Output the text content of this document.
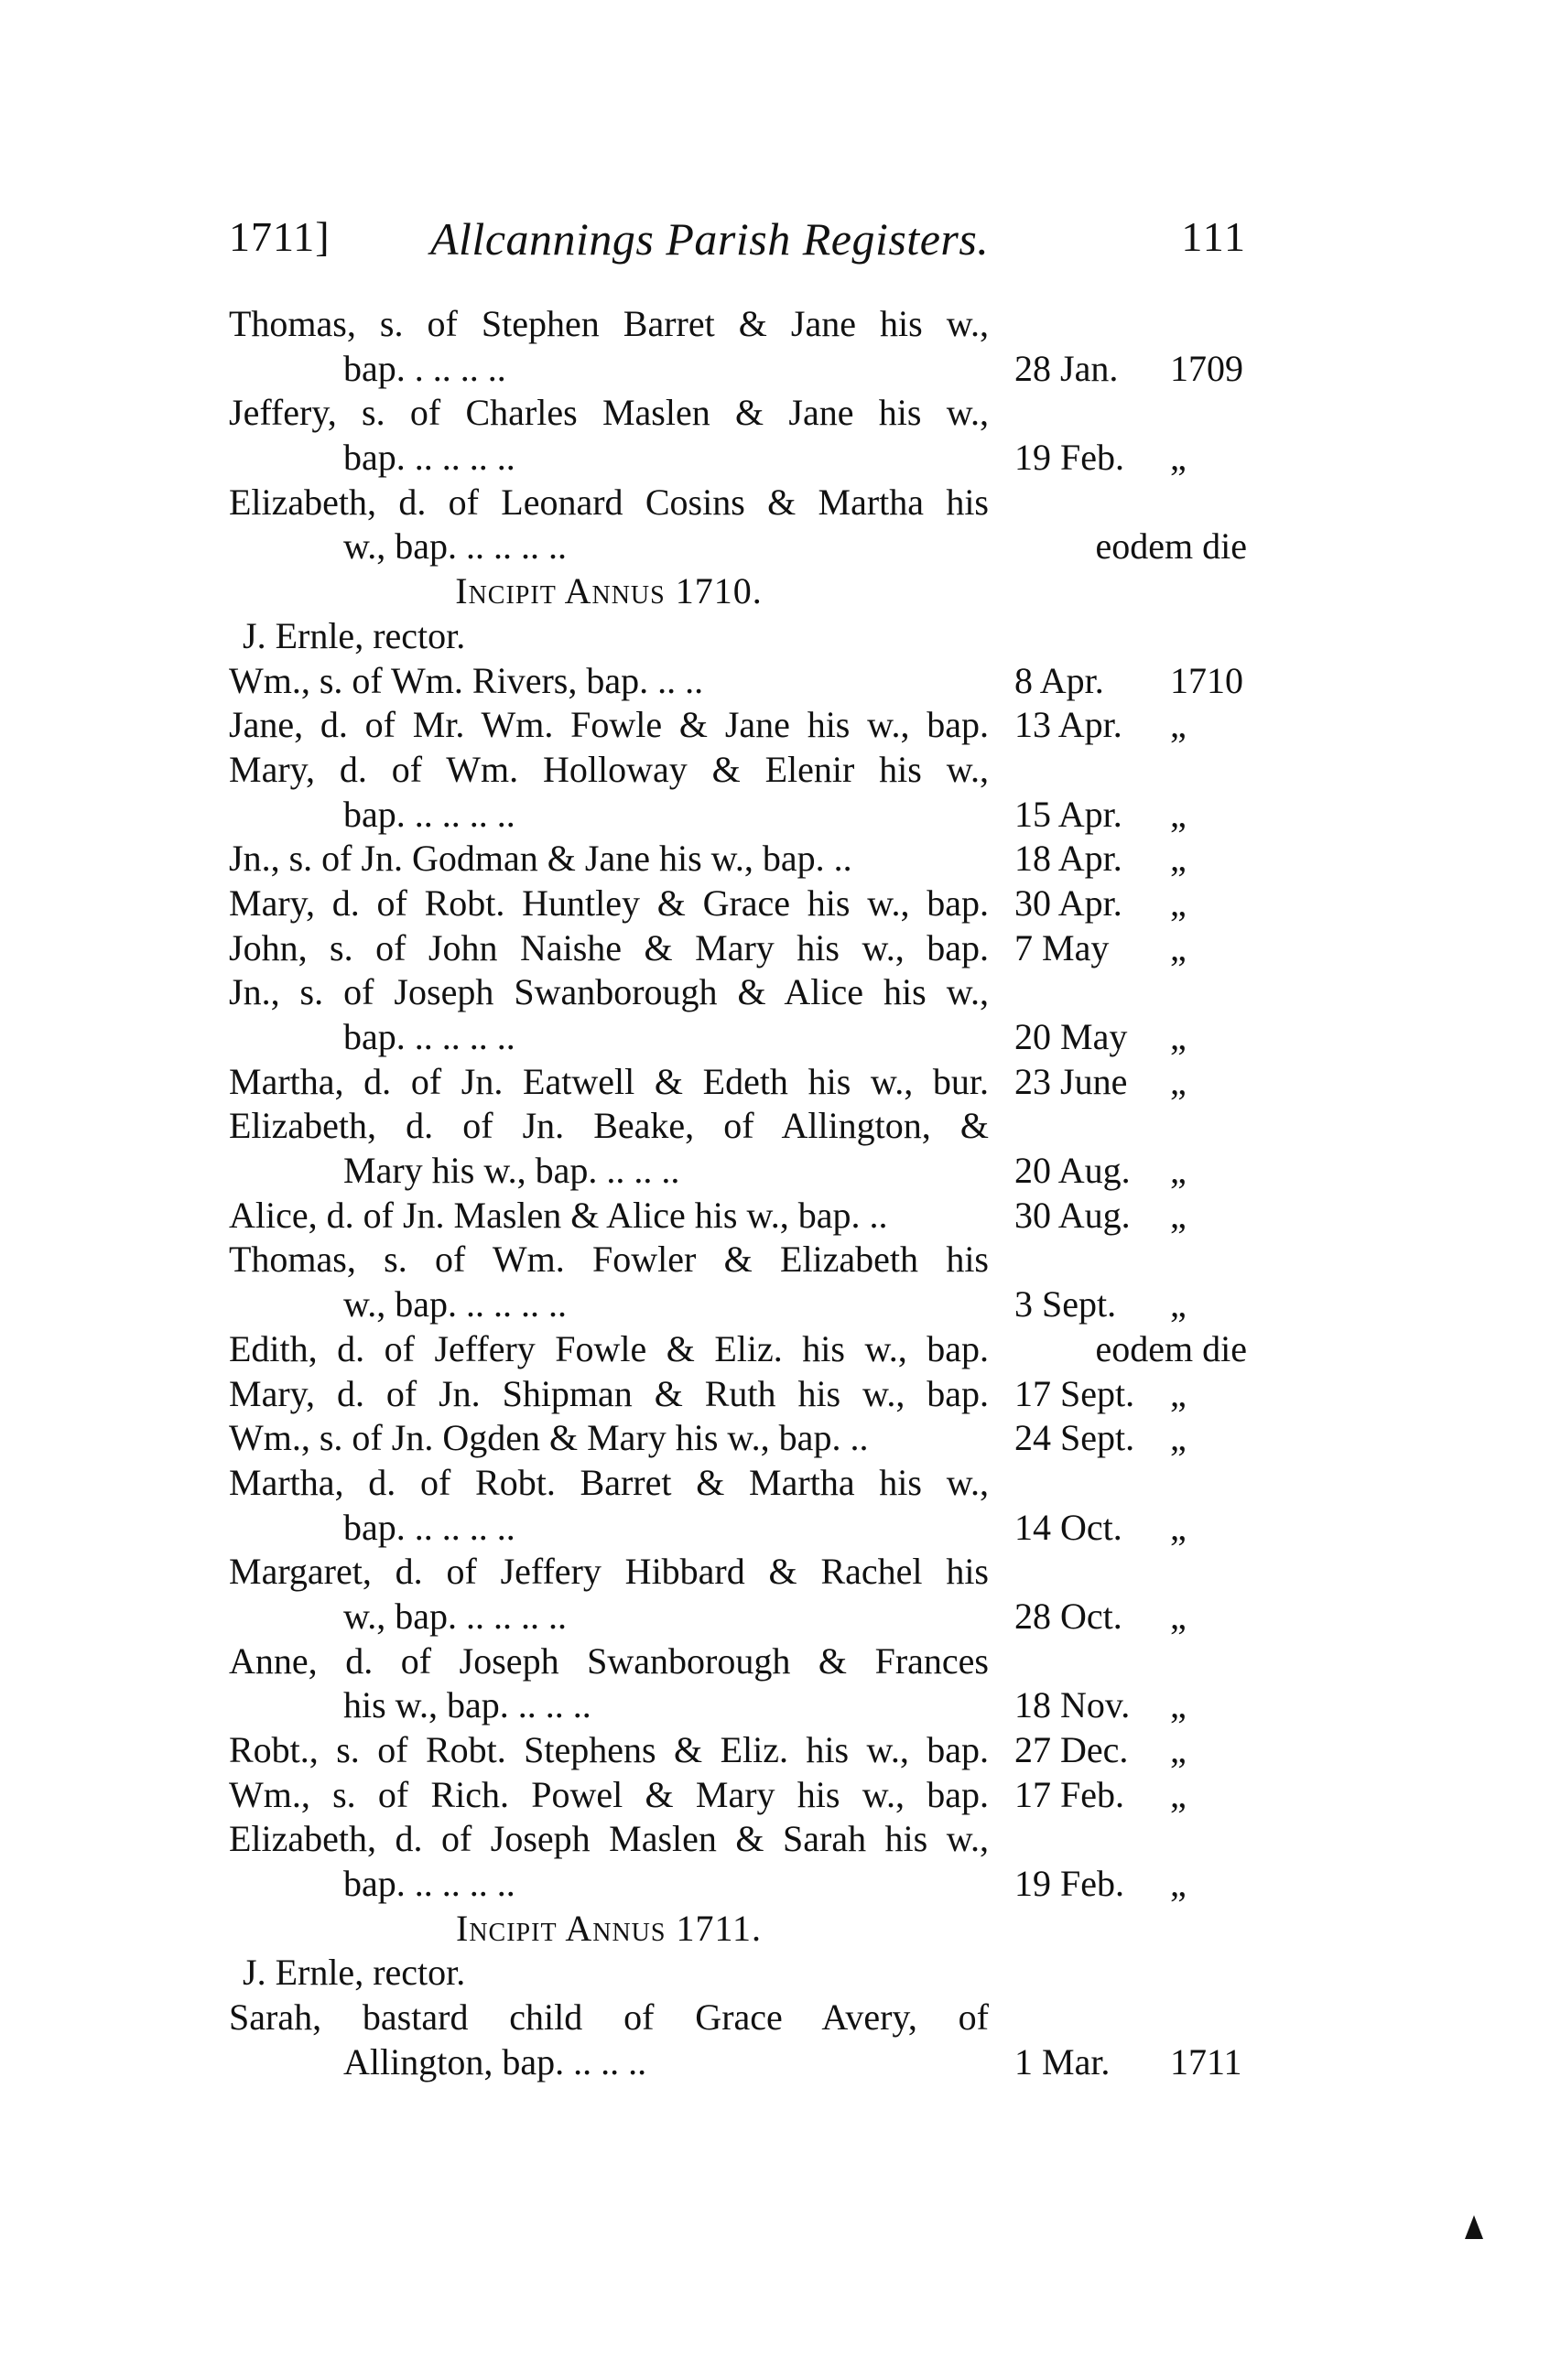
1711] Allcannings Parish Registers.	111
Thomas, s. of Stephen Barret & Jane his w.,
bap. . .. .. ..	28 Jan. 1709
Jeffery, s. of Charles Maslen & Jane his w.,
bap. .. .. .. ..	19 Feb. „
Elizabeth, d. of Leonard Cosins & Martha his
w., bap. .. .. .. ..	eodem die
Incipit Annus 1710.
J. Ernle, rector.
Wm., s. of Wm. Rivers, bap. .. ..	8 Apr. 1710
Jane, d. of Mr. Wm. Fowle & Jane his w., bap. 13 Apr. „
Mary, d. of Wm. Holloway & Elenir his w.,
bap. .. .. .. ..	15 Apr. „
Jn., s. of Jn. Godman & Jane his w., bap. ..	18 Apr. „
Mary, d. of Robt. Huntley & Grace his w., bap. 30 Apr. „
John, s. of John Naishe & Mary his w., bap. 7 May „
Jn., s. of Joseph Swanborough & Alice his w.,
bap. .. .. .. ..	20 May „
Martha, d. of Jn. Eatwell & Edeth his w., bur. 23 June „
Elizabeth, d. of Jn. Beake, of Allington, &
Mary his w., bap. .. .. ..	20 Aug. „
Alice, d. of Jn. Maslen & Alice his w., bap. ..	30 Aug. „
Thomas, s. of Wm. Fowler & Elizabeth his
w., bap. .. .. .. ..	3 Sept. „
Edith, d. of Jeffery Fowle & Eliz. his w., bap.	eodem die
Mary, d. of Jn. Shipman & Ruth his w., bap. 17 Sept. „
Wm., s. of Jn. Ogden & Mary his w., bap. ..	24 Sept. „
Martha, d. of Robt. Barret & Martha his w.,
bap. .. .. .. ..	14 Oct. „
Margaret, d. of Jeffery Hibbard & Rachel his
w., bap. .. .. .. ..	28 Oct. „
Anne, d. of Joseph Swanborough & Frances
his w., bap. .. .. ..	18 Nov. „
Robt., s. of Robt. Stephens & Eliz. his w., bap. 27 Dec. „
Wm., s. of Rich. Powel & Mary his w., bap. 17 Feb. „
Elizabeth, d. of Joseph Maslen & Sarah his w.,
bap. .. .. .. ..	19 Feb. „
Incipit Annus 1711.
J. Ernle, rector.
Sarah, bastard child of Grace Avery, of
Allington, bap. .. .. ..	1 Mar. 1711
